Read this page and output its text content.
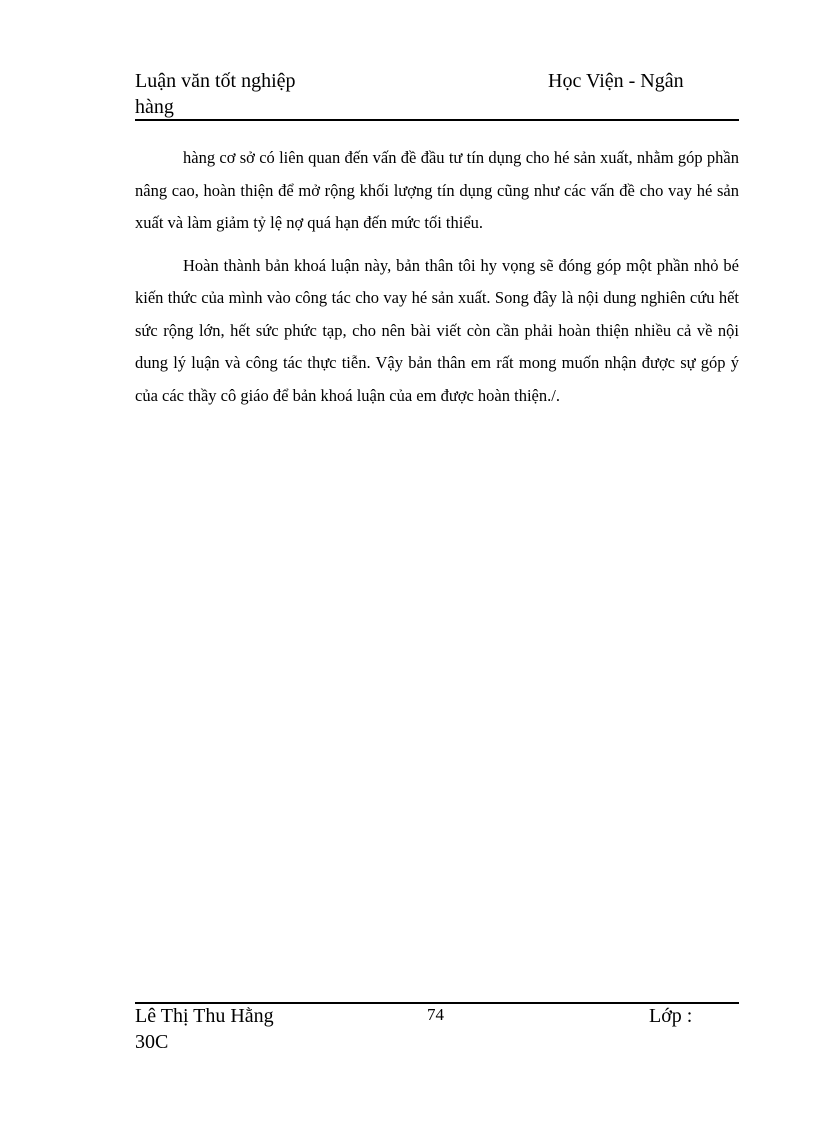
Luận văn tốt nghiệp	Học Viện - Ngân
hàng

hàng cơ sở có liên quan đến vấn đề đầu tư tín dụng cho hé sản xuất, nhằm góp phần nâng cao, hoàn thiện để mở rộng khối lượng tín dụng cũng như các vấn đề cho vay hé sản xuất và làm giảm tỷ lệ nợ quá hạn đến mức tối thiểu.

Hoàn thành bản khoá luận này, bản thân tôi hy vọng sẽ đóng góp một phần nhỏ bé kiến thức của mình vào công tác cho vay hé sản xuất. Song đây là nội dung nghiên cứu hết sức rộng lớn, hết sức phức tạp, cho nên bài viết còn cần phải hoàn thiện nhiều cả về nội dung lý luận và công tác thực tiễn. Vậy bản thân em rất mong muốn nhận được sự góp ý của các thầy cô giáo để bản khoá luận của em được hoàn thiện./.

Lê Thị Thu Hằng	74	Lớp :
30C
